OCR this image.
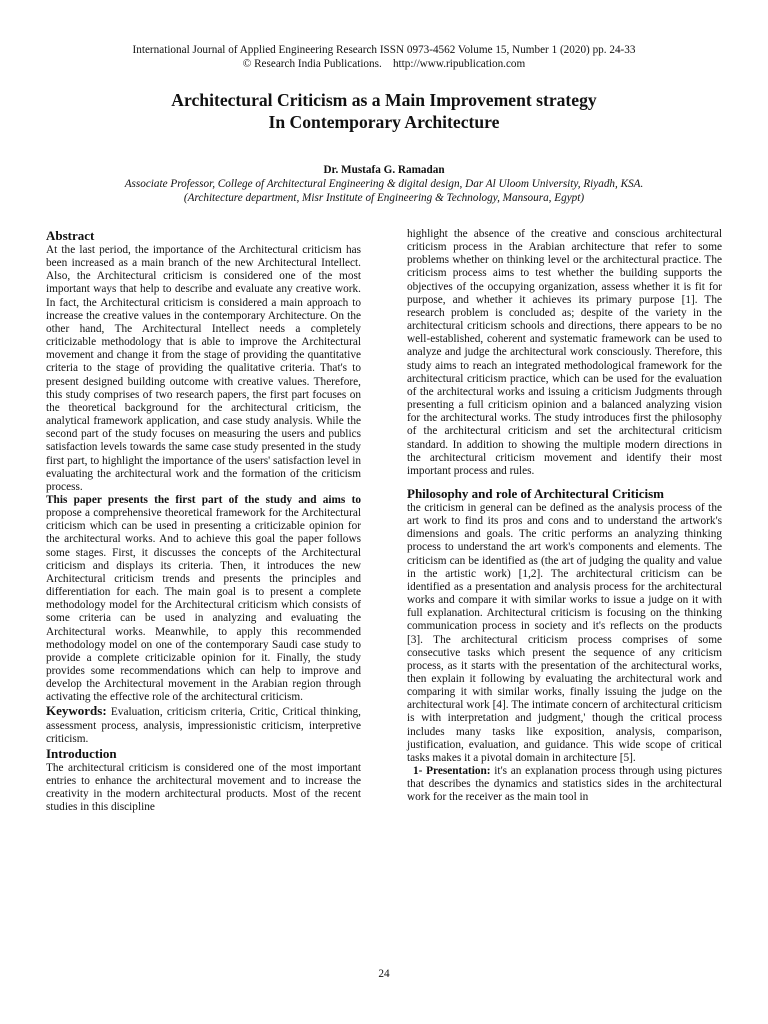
International Journal of Applied Engineering Research ISSN 0973-4562 Volume 15, Number 1 (2020) pp. 24-33
© Research India Publications.    http://www.ripublication.com
Architectural Criticism as a Main Improvement strategy
In Contemporary Architecture
Dr. Mustafa G. Ramadan
Associate Professor, College of Architectural Engineering & digital design, Dar Al Uloom University, Riyadh, KSA.
(Architecture department, Misr Institute of Engineering & Technology, Mansoura, Egypt)

Abstract

At the last period, the importance of the Architectural criticism has been increased as a main branch of the new Architectural Intellect. Also, the Architectural criticism is considered one of the most important ways that help to describe and evaluate any creative work. In fact, the Architectural criticism is considered a main approach to increase the creative values in the contemporary Architecture. On the other hand, The Architectural Intellect needs a completely criticizable methodology that is able to improve the Architectural movement and change it from the stage of providing the quantitative criteria to the stage of providing the qualitative criteria. That's to present designed building outcome with creative values. Therefore, this study comprises of two research papers, the first part focuses on the theoretical background for the architectural criticism, the analytical framework application, and case study analysis. While the second part of the study focuses on measuring the users and publics satisfaction levels towards the same case study presented in the study first part, to highlight the importance of the users' satisfaction level in evaluating the architectural work and the formation of the criticism process.

This paper presents the first part of the study and aims to propose a comprehensive theoretical framework for the Architectural criticism which can be used in presenting a criticizable opinion for the architectural works. And to achieve this goal the paper follows some stages. First, it discusses the concepts of the Architectural criticism and displays its criteria. Then, it introduces the new Architectural criticism trends and presents the principles and differentiation for each. The main goal is to present a complete methodology model for the Architectural criticism which consists of some criteria can be used in analyzing and evaluating the Architectural works. Meanwhile, to apply this recommended methodology model on one of the contemporary Saudi case study to provide a complete criticizable opinion for it. Finally, the study provides some recommendations which can help to improve and develop the Architectural movement in the Arabian region through activating the effective role of the architectural criticism.

Keywords: Evaluation, criticism criteria, Critic, Critical thinking, assessment process, analysis, impressionistic criticism, interpretive criticism.

Introduction

The architectural criticism is considered one of the most important entries to enhance the architectural movement and to increase the creativity in the modern architectural products. Most of the recent studies in this discipline

highlight the absence of the creative and conscious architectural criticism process in the Arabian architecture that refer to some problems whether on thinking level or the architectural practice. The criticism process aims to test whether the building supports the objectives of the occupying organization, assess whether it is fit for purpose, and whether it achieves its primary purpose [1]. The research problem is concluded as; despite of the variety in the architectural criticism schools and directions, there appears to be no well-established, coherent and systematic framework can be used to analyze and judge the architectural work consciously. Therefore, this study aims to reach an integrated methodological framework for the architectural criticism practice, which can be used for the evaluation of the architectural works and issuing a criticism Judgments through presenting a full criticism opinion and a balanced analyzing vision for the architectural works. The study introduces first the philosophy of the architectural criticism and set the architectural criticism standard. In addition to showing the multiple modern directions in the architectural criticism movement and identify their most important process and rules.

Philosophy and role of Architectural Criticism

the criticism in general can be defined as the analysis process of the art work to find its pros and cons and to understand the artwork's dimensions and goals. The critic performs an analyzing thinking process to understand the art work's components and elements. The criticism can be identified as (the art of judging the quality and value in the artistic work) [1,2]. The architectural criticism can be identified as a presentation and analysis process for the architectural works and compare it with similar works to issue a judge on it with full explanation. Architectural criticism is focusing on the thinking communication process in society and it's reflects on the products [3]. The architectural criticism process comprises of some consecutive tasks which present the sequence of any criticism process, as it starts with the presentation of the architectural works, then explain it following by evaluating the architectural work and comparing it with similar works, finally issuing the judge on the architectural work [4]. The intimate concern of architectural criticism is with interpretation and judgment,' though the critical process includes many tasks like exposition, analysis, comparison, justification, evaluation, and guidance. This wide scope of critical tasks makes it a pivotal domain in architecture [5].

1- Presentation: it's an explanation process through using pictures that describes the dynamics and statistics sides in the architectural work for the receiver as the main tool in

24
